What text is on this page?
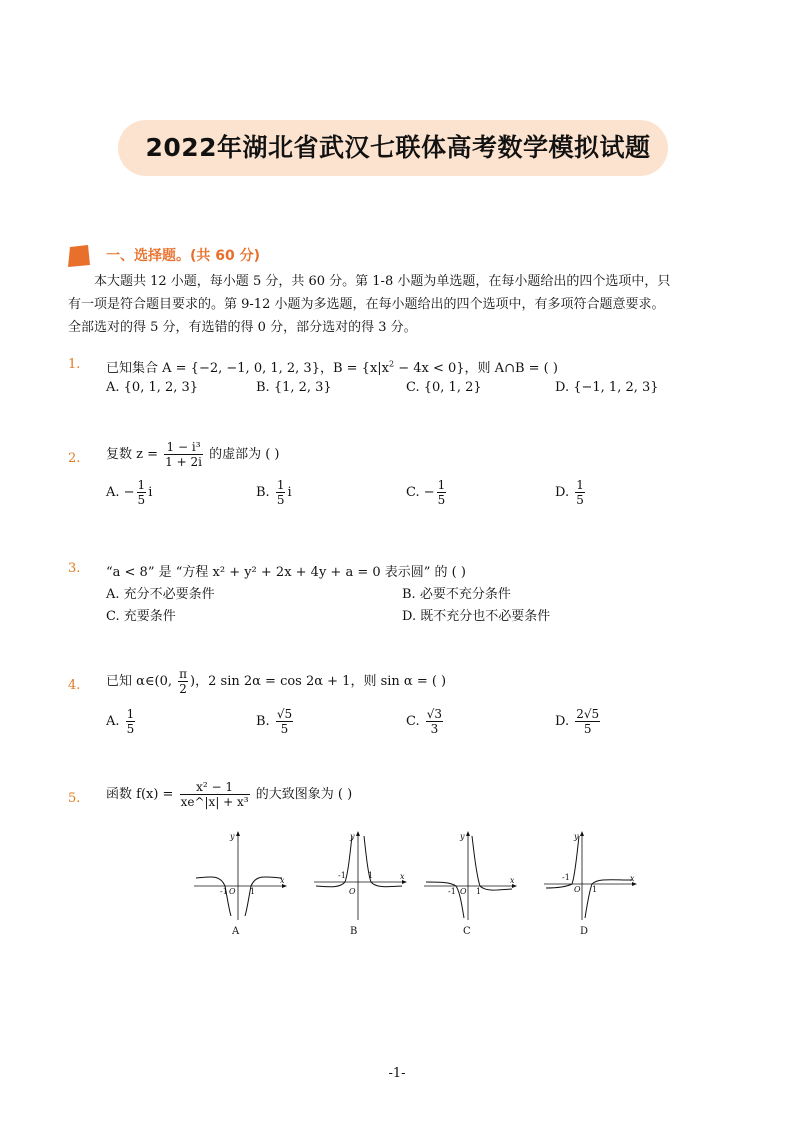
2022年湖北省武汉七联体高考数学模拟试题
一、选择题。(共 60 分)

本大题共 12 小题，每小题 5 分，共 60 分。第 1-8 小题为单选题，在每小题给出的四个选项中，只

有一项是符合题目要求的。第 9-12 小题为多选题，在每小题给出的四个选项中，有多项符合题意要求。

全部选对的得 5 分，有选错的得 0 分，部分选对的得 3 分。

1. 已知集合 A = {−2, −1, 0, 1, 2, 3}，$B = \{x|x^2 - 4x < 0\}$，则 A∩B = ( )
A. {0, 1, 2, 3}	B. {1, 2, 3}	C. {0, 1, 2}	D. {−1, 1, 2, 3}
2. 复数 $z = \frac{\text{1 − i³}}{1 + 2i}$ 的虚部为 ( )
A. − $\frac{1}{5}$ i	B. $\frac{1}{5}$ i	C. − $\frac{1}{5}$	D. $\frac{1}{5}$
3. “a < 8” 是 “方程 x² + y² + 2x + 4y + a = 0 表示圆” 的 ( )
A. 充分不必要条件	B. 必要不充分条件
C. 充要条件	D. 既不充分也不必要条件
4. 已知 α∈(0, $\frac{\pi}{2}$ )，2 sin 2α = cos 2α + 1，则 sin α = ( )
A. $\frac{1}{5}$	B. $\frac{√5}{5}$	C. $\frac{√3}{3}$	D. $\frac{2√5}{5}$
5. 函数 $f(x) = \frac{\text{x² − 1}}{\text{xe\textasciicircum{}|x| + x³}}$ 的大致图象为 ( )
x
y
O
-1	1
A
x
y
O
-1	1
B
x
y
O
-1	1
C
x
y
O
-1
1
D
-1-
